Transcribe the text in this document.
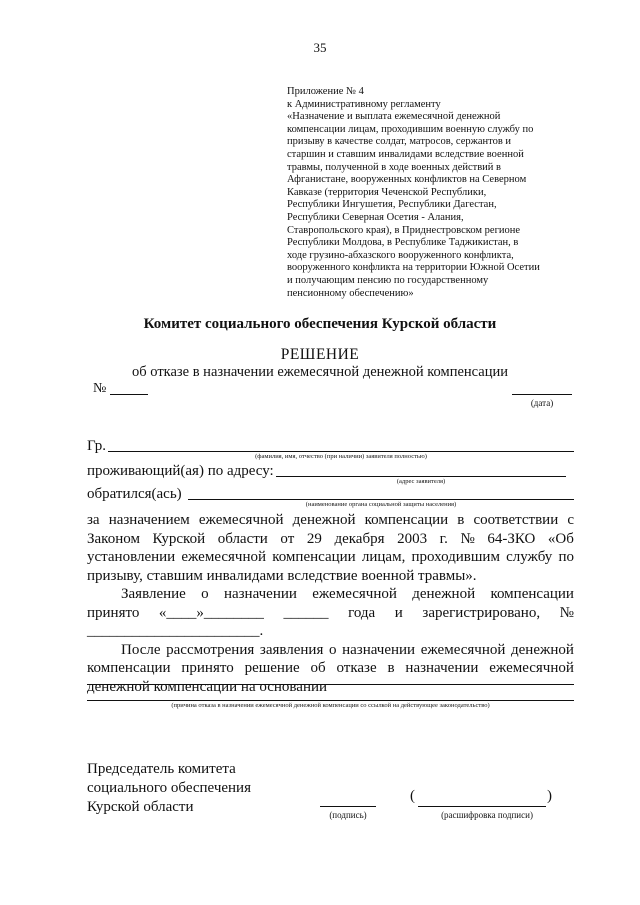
35
Приложение № 4
к Административному регламенту
«Назначение и выплата ежемесячной денежной
компенсации лицам, проходившим военную службу по
призыву в качестве солдат, матросов, сержантов и
старшин и ставшим инвалидами вследствие военной
травмы, полученной в ходе военных действий в
Афганистане, вооруженных конфликтов на Северном
Кавказе (территория Чеченской Республики,
Республики Ингушетия, Республики Дагестан,
Республики Северная Осетия - Алания,
Ставропольского края), в Приднестровском регионе
Республики Молдова, в Республике Таджикистан, в
ходе грузино-абхазского вооруженного конфликта,
вооруженного конфликта на территории Южной Осетии
и получающим пенсию по государственному
пенсионному обеспечению»
Комитет социального обеспечения Курской области
РЕШЕНИЕ
об отказе в назначении ежемесячной денежной компенсации
№
(дата)
Гр.
(фамилия, имя, отчество (при наличии) заявителя полностью)
проживающий(ая) по адресу:
(адрес заявителя)
обратился(ась)
(наименование органа социальной защиты населения)
за назначением ежемесячной денежной компенсации в соответствии с
Законом Курской области от 29 декабря 2003 г. № 64-ЗКО «Об
установлении ежемесячной компенсации лицам, проходившим службу по

призыву, ставшим инвалидами вследствие военной травмы».

Заявление о назначении ежемесячной денежной компенсации
принято «____»________ ______ года и зарегистрировано, №

_______________________.

После рассмотрения заявления о назначении ежемесячной денежной
компенсации принято решение об отказе в назначении ежемесячной

денежной компенсации на основании

(причина отказа в назначении ежемесячной денежной компенсации со ссылкой на действующее законодательство)
Председатель комитета
социального обеспечения
Курской области	(подпись)
(	)
(расшифровка подписи)
